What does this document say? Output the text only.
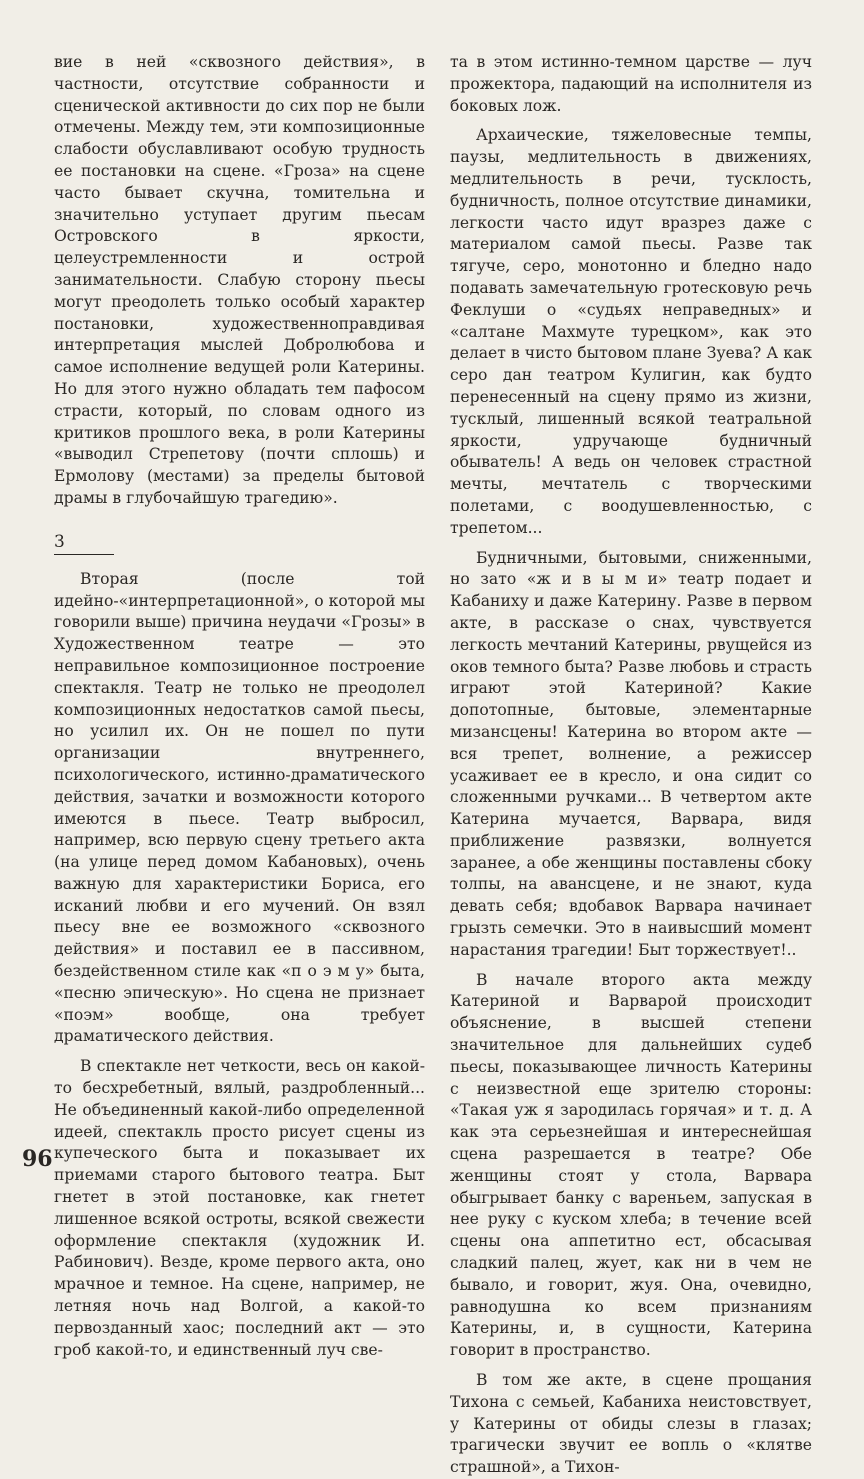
вие в ней «сквозного действия», в частности, отсутствие собранности и сценической активности до сих пор не были отмечены. Между тем, эти композиционные слабости обуславливают особую трудность ее постановки на сцене. «Гроза» на сцене часто бывает скучна, томительна и значительно уступает другим пьесам Островского в яркости, целеустремленности и острой занимательности. Слабую сторону пьесы могут преодолеть только особый характер постановки, художественноправдивая интерпретация мыслей Добролюбова и самое исполнение ведущей роли Катерины. Но для этого нужно обладать тем пафосом страсти, который, по словам одного из критиков прошлого века, в роли Катерины «выводил Стрепетову (почти сплошь) и Ермолову (местами) за пределы бытовой драмы в глубочайшую трагедию».

3

Вторая (после той идейно-«интерпретационной», о которой мы говорили выше) причина неудачи «Грозы» в Художественном театре — это неправильное композиционное построение спектакля. Театр не только не преодолел композиционных недостатков самой пьесы, но усилил их. Он не пошел по пути организации внутреннего, психологического, истинно-драматического действия, зачатки и возможности которого имеются в пьесе. Театр выбросил, например, всю первую сцену третьего акта (на улице перед домом Кабановых), очень важную для характеристики Бориса, его исканий любви и его мучений. Он взял пьесу вне ее возможного «сквозного действия» и поставил ее в пассивном, бездейственном стиле как «п о э м у» быта, «песню эпическую». Но сцена не признает «поэм» вообще, она требует драматического действия.

В спектакле нет четкости, весь он какой-то бесхребетный, вялый, раздробленный... Не объединенный какой-либо определенной идеей, спектакль просто рисует сцены из купеческого быта и показывает их приемами старого бытового театра. Быт гнетет в этой постановке, как гнетет лишенное всякой остроты, всякой свежести оформление спектакля (художник И. Рабинович). Везде, кроме первого акта, оно мрачное и темное. На сцене, например, не летняя ночь над Волгой, а какой-то первозданный хаос; последний акт — это гроб какой-то, и единственный луч све-

та в этом истинно-темном царстве — луч прожектора, падающий на исполнителя из боковых лож.

Архаические, тяжеловесные темпы, паузы, медлительность в движениях, медлительность в речи, тусклость, будничность, полное отсутствие динамики, легкости часто идут вразрез даже с материалом самой пьесы. Разве так тягуче, серо, монотонно и бледно надо подавать замечательную гротесковую речь Феклуши о «судьях неправедных» и «салтане Махмуте турецком», как это делает в чисто бытовом плане Зуева? А как серо дан театром Кулигин, как будто перенесенный на сцену прямо из жизни, тусклый, лишенный всякой театральной яркости, удручающе будничный обыватель! А ведь он человек страстной мечты, мечтатель с творческими полетами, с воодушевленностью, с трепетом...

Будничными, бытовыми, сниженными, но зато «ж и в ы м и» театр подает и Кабаниху и даже Катерину. Разве в первом акте, в рассказе о снах, чувствуется легкость мечтаний Катерины, рвущейся из оков темного быта? Разве любовь и страсть играют этой Катериной? Какие допотопные, бытовые, элементарные мизансцены! Катерина во втором акте — вся трепет, волнение, а режиссер усаживает ее в кресло, и она сидит со сложенными ручками... В четвертом акте Катерина мучается, Варвара, видя приближение развязки, волнуется заранее, а обе женщины поставлены сбоку толпы, на авансцене, и не знают, куда девать себя; вдобавок Варвара начинает грызть семечки. Это в наивысший момент нарастания трагедии! Быт торжествует!..

В начале второго акта между Катериной и Варварой происходит объяснение, в высшей степени значительное для дальнейших судеб пьесы, показывающее личность Катерины с неизвестной еще зрителю стороны: «Такая уж я зародилась горячая» и т. д. А как эта серьезнейшая и интереснейшая сцена разрешается в театре? Обе женщины стоят у стола, Варвара обыгрывает банку с вареньем, запуская в нее руку с куском хлеба; в течение всей сцены она аппетитно ест, обсасывая сладкий палец, жует, как ни в чем не бывало, и говорит, жуя. Она, очевидно, равнодушна ко всем признаниям Катерины, и, в сущности, Катерина говорит в пространство.

В том же акте, в сцене прощания Тихона с семьей, Кабаниха неистовствует, у Катерины от обиды слезы в глазах; трагически звучит ее вопль о «клятве страшной», а Тихон-

96
